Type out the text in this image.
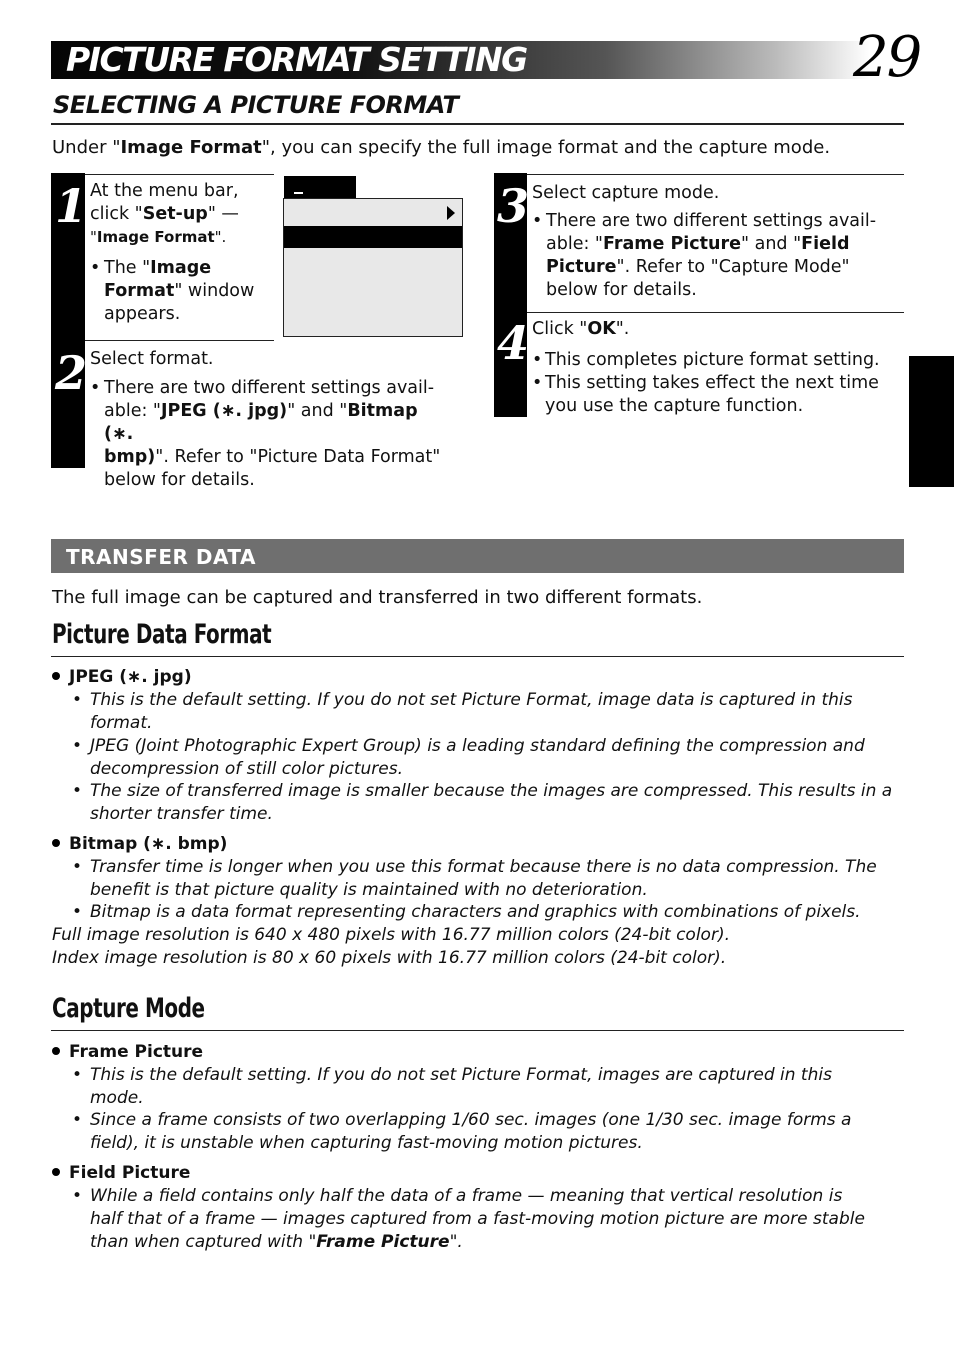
PICTURE FORMAT SETTING	29
SELECTING A PICTURE FORMAT
Under "Image Format", you can specify the full image format and the capture mode.
1
2
At the menu bar,
click "Set-up" —
"Image Format".
• The "Image
Format" window
appears.
Select format.
• There are two different settings avail-
able: "JPEG (∗. jpg)" and "Bitmap (∗.
bmp)". Refer to "Picture Data Format"
below for details.
3
4
Select capture mode.
• There are two different settings avail-
able: "Frame Picture" and "Field
Picture". Refer to "Capture Mode"
below for details.
Click "OK".
• This completes picture format setting.
• This setting takes effect the next time
you use the capture function.
TRANSFER DATA
The full image can be captured and transferred in two different formats.
Picture Data Format
JPEG (∗. jpg)
• This is the default setting. If you do not set Picture Format, image data is captured in this
format.
• JPEG (Joint Photographic Expert Group) is a leading standard defining the compression and
decompression of still color pictures.
• The size of transferred image is smaller because the images are compressed. This results in a
shorter transfer time.
Bitmap (∗. bmp)
• Transfer time is longer when you use this format because there is no data compression. The
benefit is that picture quality is maintained with no deterioration.
• Bitmap is a data format representing characters and graphics with combinations of pixels.
Full image resolution is 640 x 480 pixels with 16.77 million colors (24-bit color).
Index image resolution is 80 x 60 pixels with 16.77 million colors (24-bit color).
Capture Mode
Frame Picture
• This is the default setting. If you do not set Picture Format, images are captured in this
mode.
• Since a frame consists of two overlapping 1/60 sec. images (one 1/30 sec. image forms a
field), it is unstable when capturing fast-moving motion pictures.
Field Picture
• While a field contains only half the data of a frame — meaning that vertical resolution is
half that of a frame — images captured from a fast-moving motion picture are more stable
than when captured with "Frame Picture".
